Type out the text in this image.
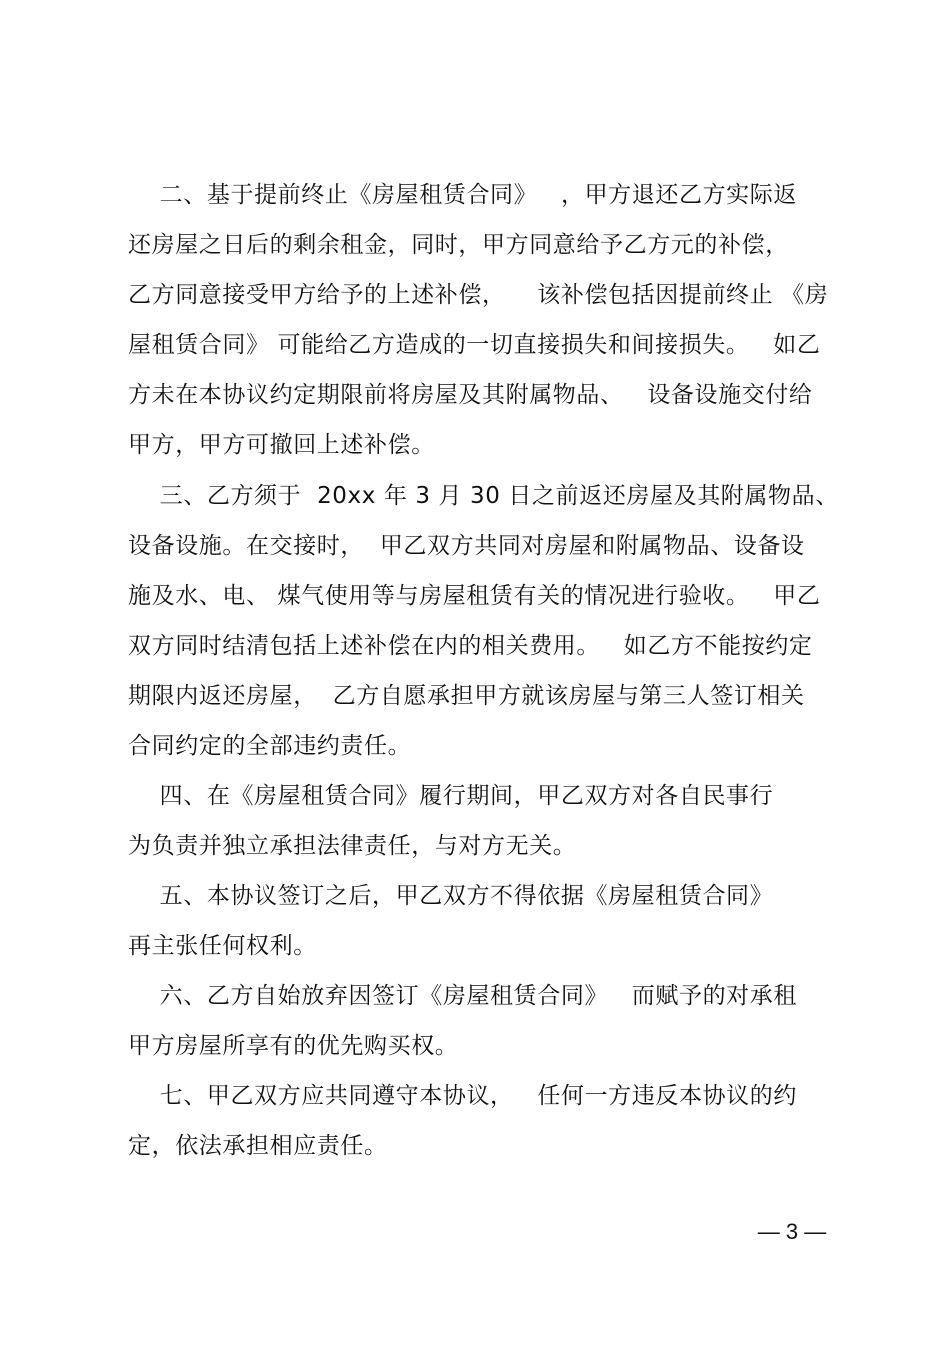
二、基于提前终止《房屋租赁合同》   ，甲方退还乙方实际返
还房屋之日后的剩余租金，同时，甲方同意给予乙方元的补偿，
乙方同意接受甲方给予的上述补偿，    该补偿包括因提前终止 《房
屋租赁合同》 可能给乙方造成的一切直接损失和间接损失。   如乙
方未在本协议约定期限前将房屋及其附属物品、   设备设施交付给
甲方，甲方可撤回上述补偿。
三、乙方须于  20xx 年 3 月 30 日之前返还房屋及其附属物品、
设备设施。在交接时，  甲乙双方共同对房屋和附属物品、设备设
施及水、电、 煤气使用等与房屋租赁有关的情况进行验收。   甲乙
双方同时结清包括上述补偿在内的相关费用。   如乙方不能按约定
期限内返还房屋，  乙方自愿承担甲方就该房屋与第三人签订相关
合同约定的全部违约责任。
四、在《房屋租赁合同》履行期间，甲乙双方对各自民事行
为负责并独立承担法律责任，与对方无关。
五、本协议签订之后，甲乙双方不得依据《房屋租赁合同》
再主张任何权利。
六、乙方自始放弃因签订《房屋租赁合同》   而赋予的对承租
甲方房屋所享有的优先购买权。
七、甲乙双方应共同遵守本协议，   任何一方违反本协议的约
定，依法承担相应责任。
— 3 —
